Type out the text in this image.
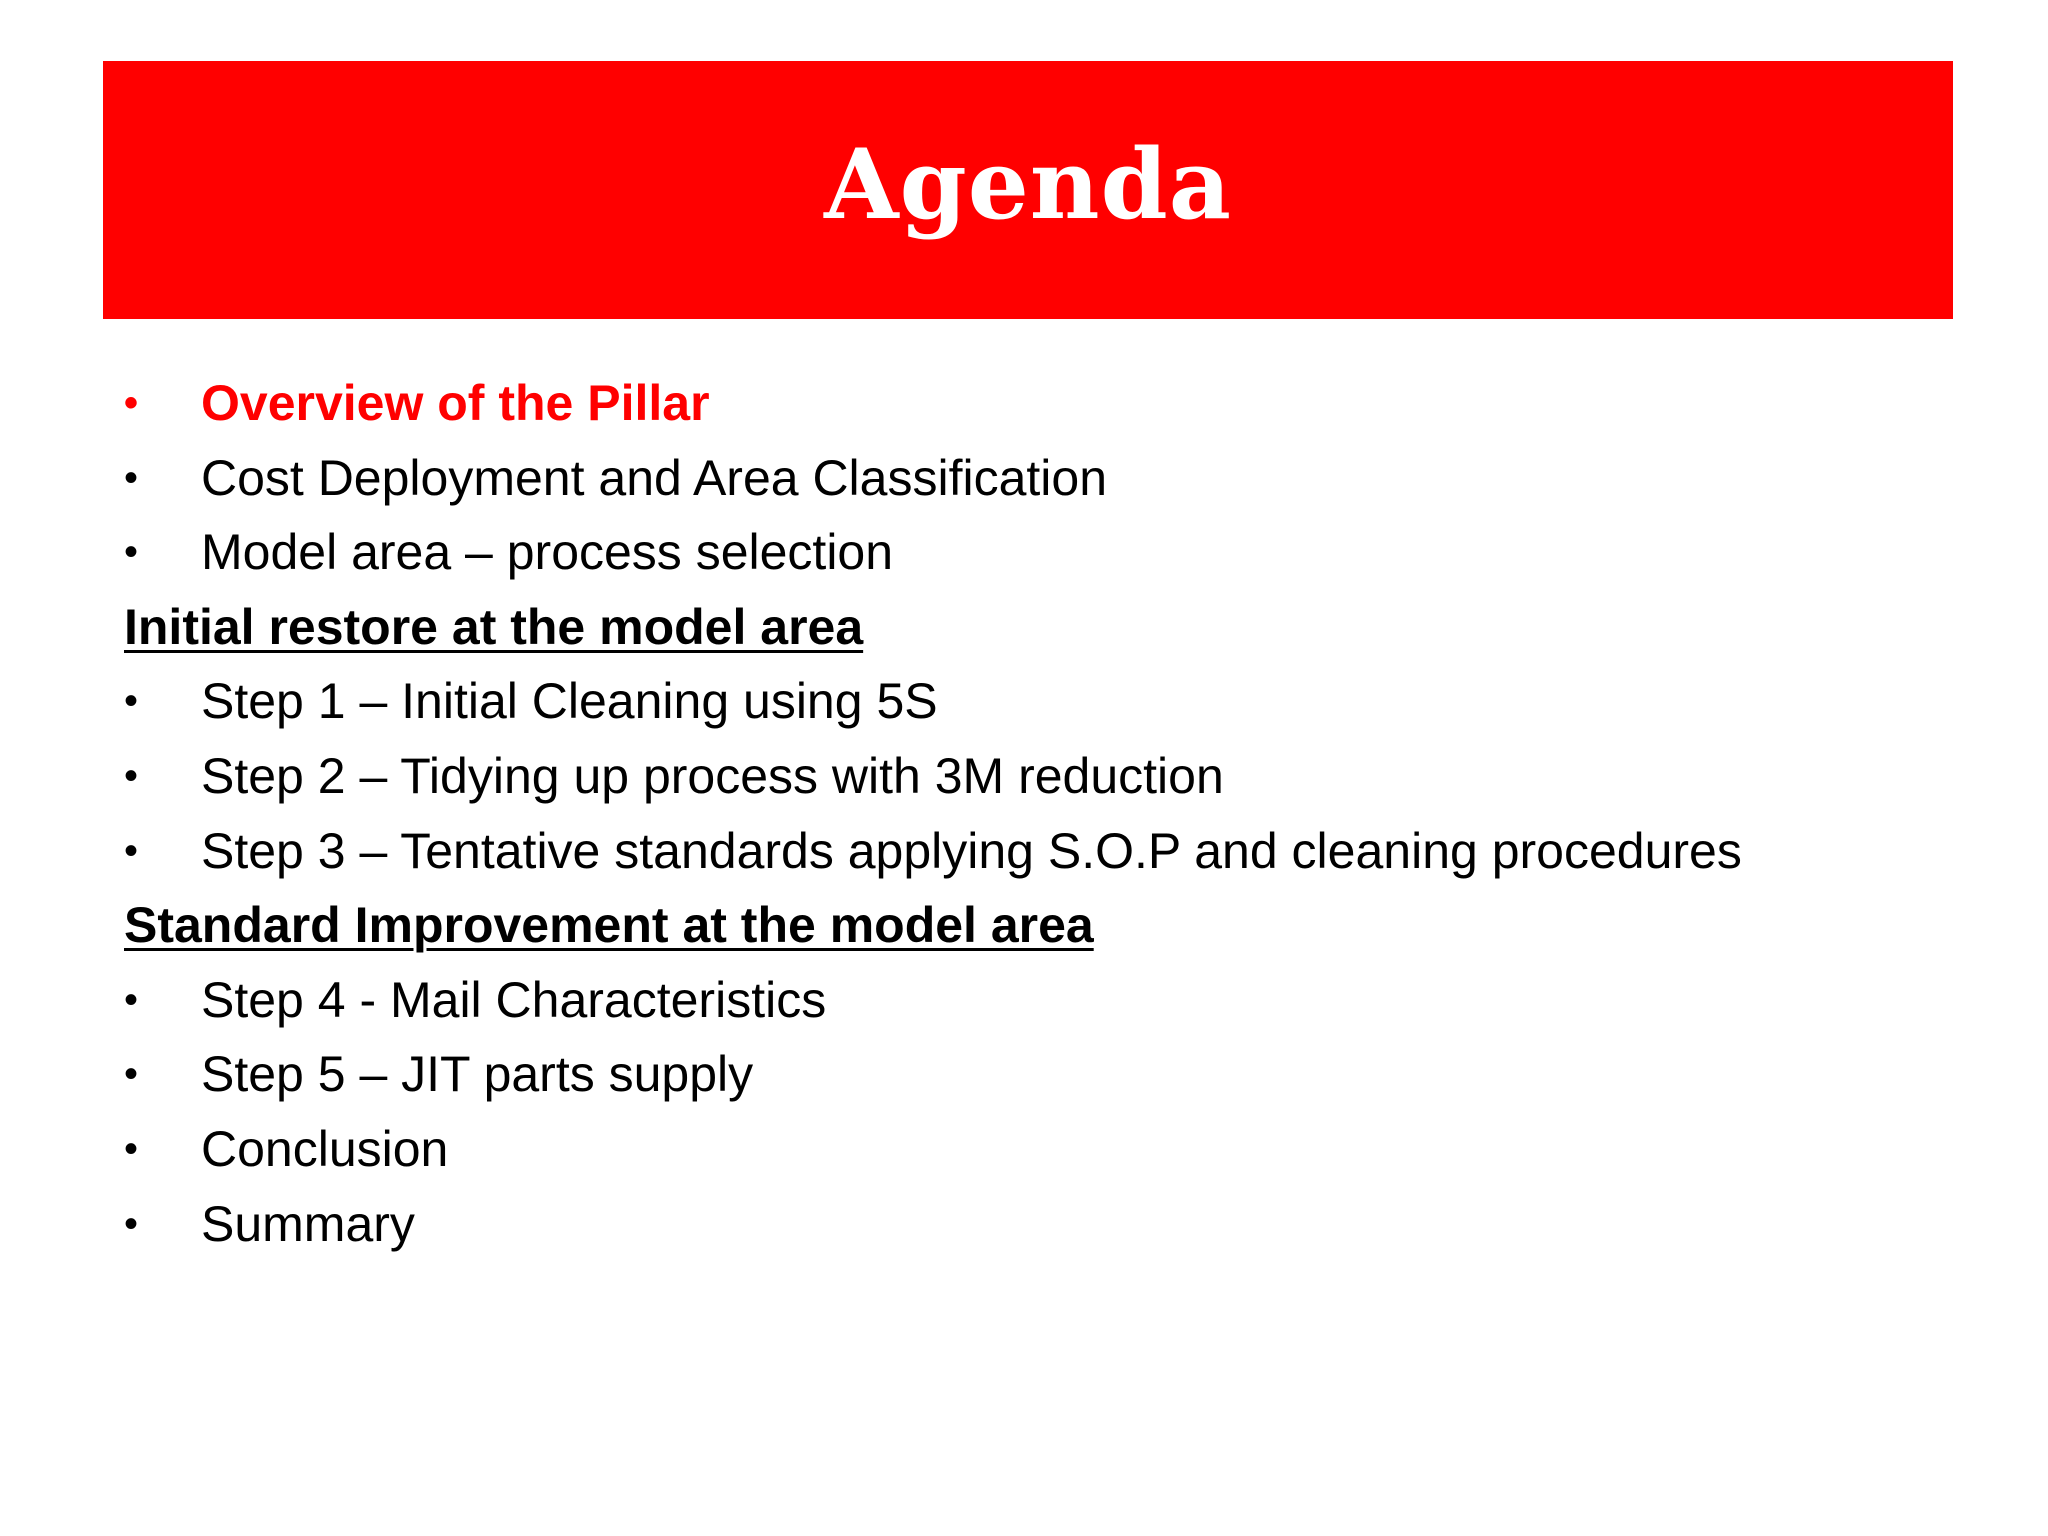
Agenda
•	Overview of the Pillar
•	Cost Deployment and Area Classification
•	Model area – process selection
Initial restore at the model area
•	Step 1 – Initial Cleaning using 5S
•	Step 2 – Tidying up process with 3M reduction
•	Step 3 – Tentative standards applying S.O.P and cleaning procedures
Standard Improvement at the model area
•	Step 4 - Mail Characteristics
•	Step 5 – JIT parts supply
•	Conclusion
•	Summary
